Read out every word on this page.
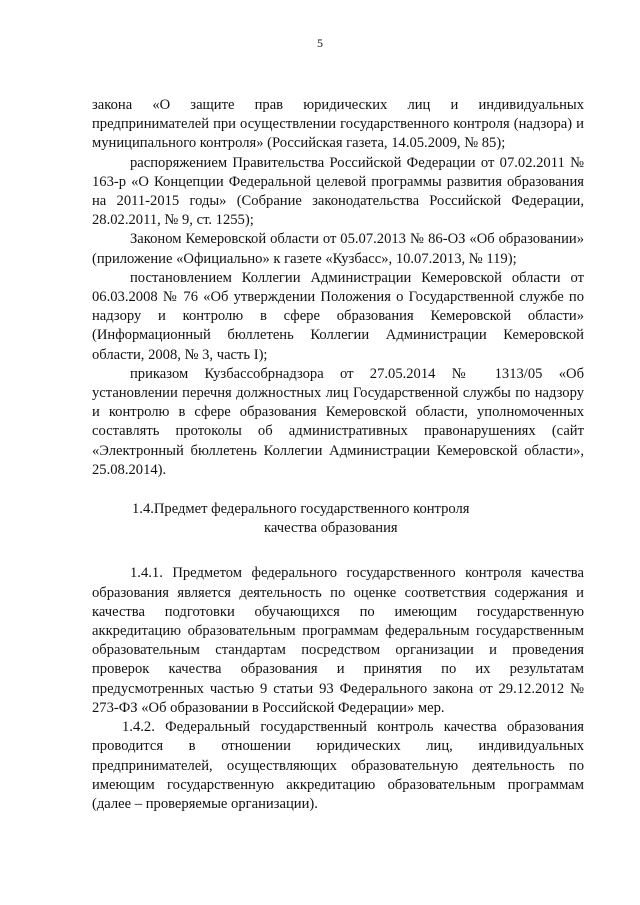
5

закона «О защите прав юридических лиц и индивидуальных предпринимателей при осуществлении государственного контроля (надзора) и муниципального контроля» (Российская газета, 14.05.2009, № 85);

распоряжением Правительства Российской Федерации от 07.02.2011 № 163-р «О Концепции Федеральной целевой программы развития образования на 2011-2015 годы» (Собрание законодательства Российской Федерации, 28.02.2011, № 9, ст. 1255);

Законом Кемеровской области от 05.07.2013 № 86-ОЗ «Об образовании» (приложение «Официально» к газете «Кузбасс», 10.07.2013, № 119);

постановлением Коллегии Администрации Кемеровской области от 06.03.2008 № 76 «Об утверждении Положения о Государственной службе по надзору и контролю в сфере образования Кемеровской области» (Информационный бюллетень Коллегии Администрации Кемеровской области, 2008, № 3, часть I);

приказом Кузбассобрнадзора от 27.05.2014 № 1313/05 «Об установлении перечня должностных лиц Государственной службы по надзору и контролю в сфере образования Кемеровской области, уполномоченных составлять протоколы об административных правонарушениях (сайт «Электронный бюллетень Коллегии Администрации Кемеровской области», 25.08.2014).

1.4.Предмет федерального государственного контроля
качества образования

1.4.1. Предметом федерального государственного контроля качества образования является деятельность по оценке соответствия содержания и качества подготовки обучающихся по имеющим государственную аккредитацию образовательным программам федеральным государственным образовательным стандартам посредством организации и проведения проверок качества образования и принятия по их результатам предусмотренных частью 9 статьи 93 Федерального закона от 29.12.2012 № 273-ФЗ «Об образовании в Российской Федерации» мер.

1.4.2. Федеральный государственный контроль качества образования проводится в отношении юридических лиц, индивидуальных предпринимателей, осуществляющих образовательную деятельность по имеющим государственную аккредитацию образовательным программам (далее – проверяемые организации).
